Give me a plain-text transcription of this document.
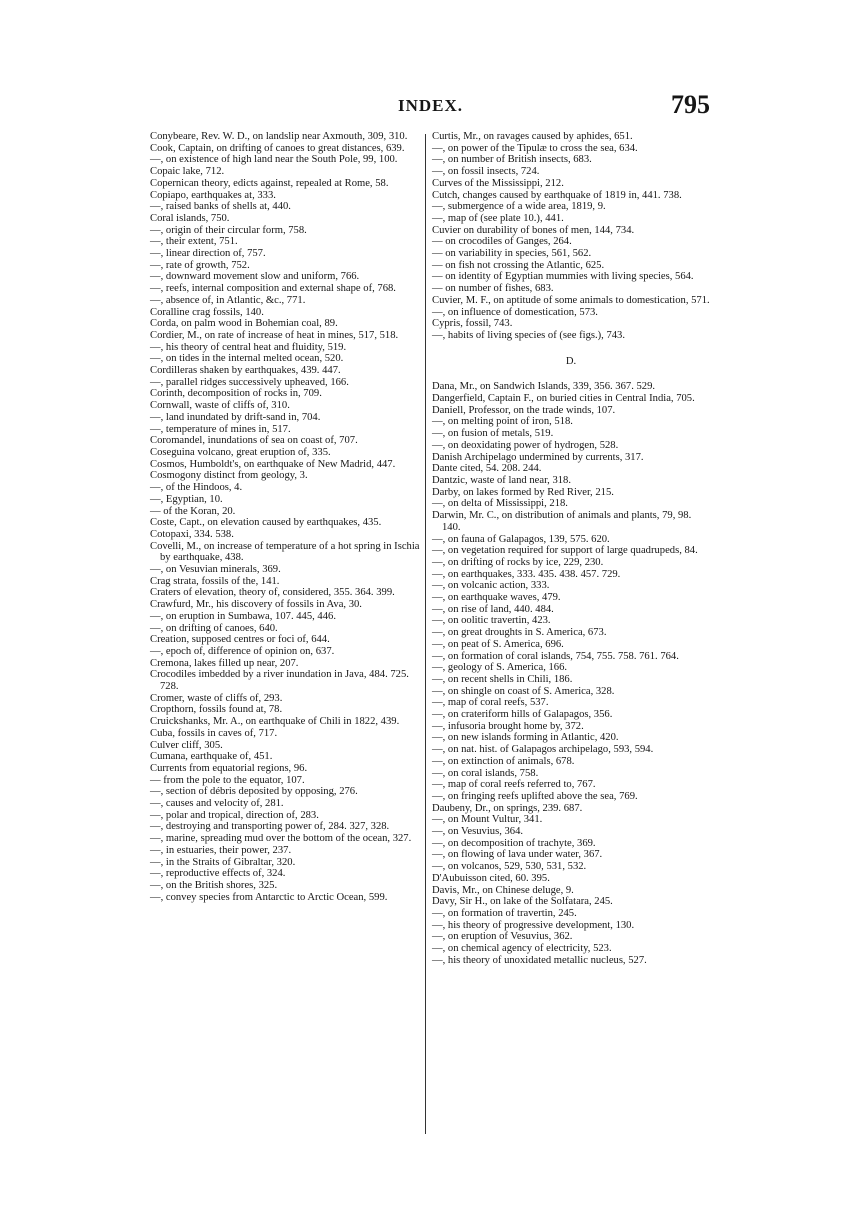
INDEX.	795

Conybeare, Rev. W. D., on landslip near Axmouth, 309, 310.

Cook, Captain, on drifting of canoes to great distances, 639.

—, on existence of high land near the South Pole, 99, 100.

Copaic lake, 712.

Copernican theory, edicts against, repealed at Rome, 58.

Copiapo, earthquakes at, 333.

—, raised banks of shells at, 440.

Coral islands, 750.

—, origin of their circular form, 758.

—, their extent, 751.

—, linear direction of, 757.

—, rate of growth, 752.

—, downward movement slow and uniform, 766.

—, reefs, internal composition and external shape of, 768.

—, absence of, in Atlantic, &c., 771.

Coralline crag fossils, 140.

Corda, on palm wood in Bohemian coal, 89.

Cordier, M., on rate of increase of heat in mines, 517, 518.

—, his theory of central heat and fluidity, 519.

—, on tides in the internal melted ocean, 520.

Cordilleras shaken by earthquakes, 439. 447.

—, parallel ridges successively upheaved, 166.

Corinth, decomposition of rocks in, 709.

Cornwall, waste of cliffs of, 310.

—, land inundated by drift-sand in, 704.

—, temperature of mines in, 517.

Coromandel, inundations of sea on coast of, 707.

Coseguina volcano, great eruption of, 335.

Cosmos, Humboldt's, on earthquake of New Madrid, 447.

Cosmogony distinct from geology, 3.

—, of the Hindoos, 4.

—, Egyptian, 10.

— of the Koran, 20.

Coste, Capt., on elevation caused by earthquakes, 435.

Cotopaxi, 334. 538.

Covelli, M., on increase of temperature of a hot spring in Ischia by earthquake, 438.

—, on Vesuvian minerals, 369.

Crag strata, fossils of the, 141.

Craters of elevation, theory of, considered, 355. 364. 399.

Crawfurd, Mr., his discovery of fossils in Ava, 30.

—, on eruption in Sumbawa, 107. 445, 446.

—, on drifting of canoes, 640.

Creation, supposed centres or foci of, 644.

—, epoch of, difference of opinion on, 637.

Cremona, lakes filled up near, 207.

Crocodiles imbedded by a river inundation in Java, 484. 725. 728.

Cromer, waste of cliffs of, 293.

Cropthorn, fossils found at, 78.

Cruickshanks, Mr. A., on earthquake of Chili in 1822, 439.

Cuba, fossils in caves of, 717.

Culver cliff, 305.

Cumana, earthquake of, 451.

Currents from equatorial regions, 96.

— from the pole to the equator, 107.

—, section of débris deposited by opposing, 276.

—, causes and velocity of, 281.

—, polar and tropical, direction of, 283.

—, destroying and transporting power of, 284. 327, 328.

—, marine, spreading mud over the bottom of the ocean, 327.

—, in estuaries, their power, 237.

—, in the Straits of Gibraltar, 320.

—, reproductive effects of, 324.

—, on the British shores, 325.

—, convey species from Antarctic to Arctic Ocean, 599.

Curtis, Mr., on ravages caused by aphides, 651.

—, on power of the Tipulæ to cross the sea, 634.

—, on number of British insects, 683.

—, on fossil insects, 724.

Curves of the Mississippi, 212.

Cutch, changes caused by earthquake of 1819 in, 441. 738.

—, submergence of a wide area, 1819, 9.

—, map of (see plate 10.), 441.

Cuvier on durability of bones of men, 144, 734.

— on crocodiles of Ganges, 264.

— on variability in species, 561, 562.

— on fish not crossing the Atlantic, 625.

— on identity of Egyptian mummies with living species, 564.

— on number of fishes, 683.

Cuvier, M. F., on aptitude of some animals to domestication, 571.

—, on influence of domestication, 573.

Cypris, fossil, 743.

—, habits of living species of (see figs.), 743.

D.

Dana, Mr., on Sandwich Islands, 339, 356. 367. 529.

Dangerfield, Captain F., on buried cities in Central India, 705.

Daniell, Professor, on the trade winds, 107.

—, on melting point of iron, 518.

—, on fusion of metals, 519.

—, on deoxidating power of hydrogen, 528.

Danish Archipelago undermined by currents, 317.

Dante cited, 54. 208. 244.

Dantzic, waste of land near, 318.

Darby, on lakes formed by Red River, 215.

—, on delta of Mississippi, 218.

Darwin, Mr. C., on distribution of animals and plants, 79, 98. 140.

—, on fauna of Galapagos, 139, 575. 620.

—, on vegetation required for support of large quadrupeds, 84.

—, on drifting of rocks by ice, 229, 230.

—, on earthquakes, 333. 435. 438. 457. 729.

—, on volcanic action, 333.

—, on earthquake waves, 479.

—, on rise of land, 440. 484.

—, on oolitic travertin, 423.

—, on great droughts in S. America, 673.

—, on peat of S. America, 696.

—, on formation of coral islands, 754, 755. 758. 761. 764.

—, geology of S. America, 166.

—, on recent shells in Chili, 186.

—, on shingle on coast of S. America, 328.

—, map of coral reefs, 537.

—, on crateriform hills of Galapagos, 356.

—, infusoria brought home by, 372.

—, on new islands forming in Atlantic, 420.

—, on nat. hist. of Galapagos archipelago, 593, 594.

—, on extinction of animals, 678.

—, on coral islands, 758.

—, map of coral reefs referred to, 767.

—, on fringing reefs uplifted above the sea, 769.

Daubeny, Dr., on springs, 239. 687.

—, on Mount Vultur, 341.

—, on Vesuvius, 364.

—, on decomposition of trachyte, 369.

—, on flowing of lava under water, 367.

—, on volcanos, 529, 530, 531, 532.

D'Aubuisson cited, 60. 395.

Davis, Mr., on Chinese deluge, 9.

Davy, Sir H., on lake of the Solfatara, 245.

—, on formation of travertin, 245.

—, his theory of progressive development, 130.

—, on eruption of Vesuvius, 362.

—, on chemical agency of electricity, 523.

—, his theory of unoxidated metallic nucleus, 527.
